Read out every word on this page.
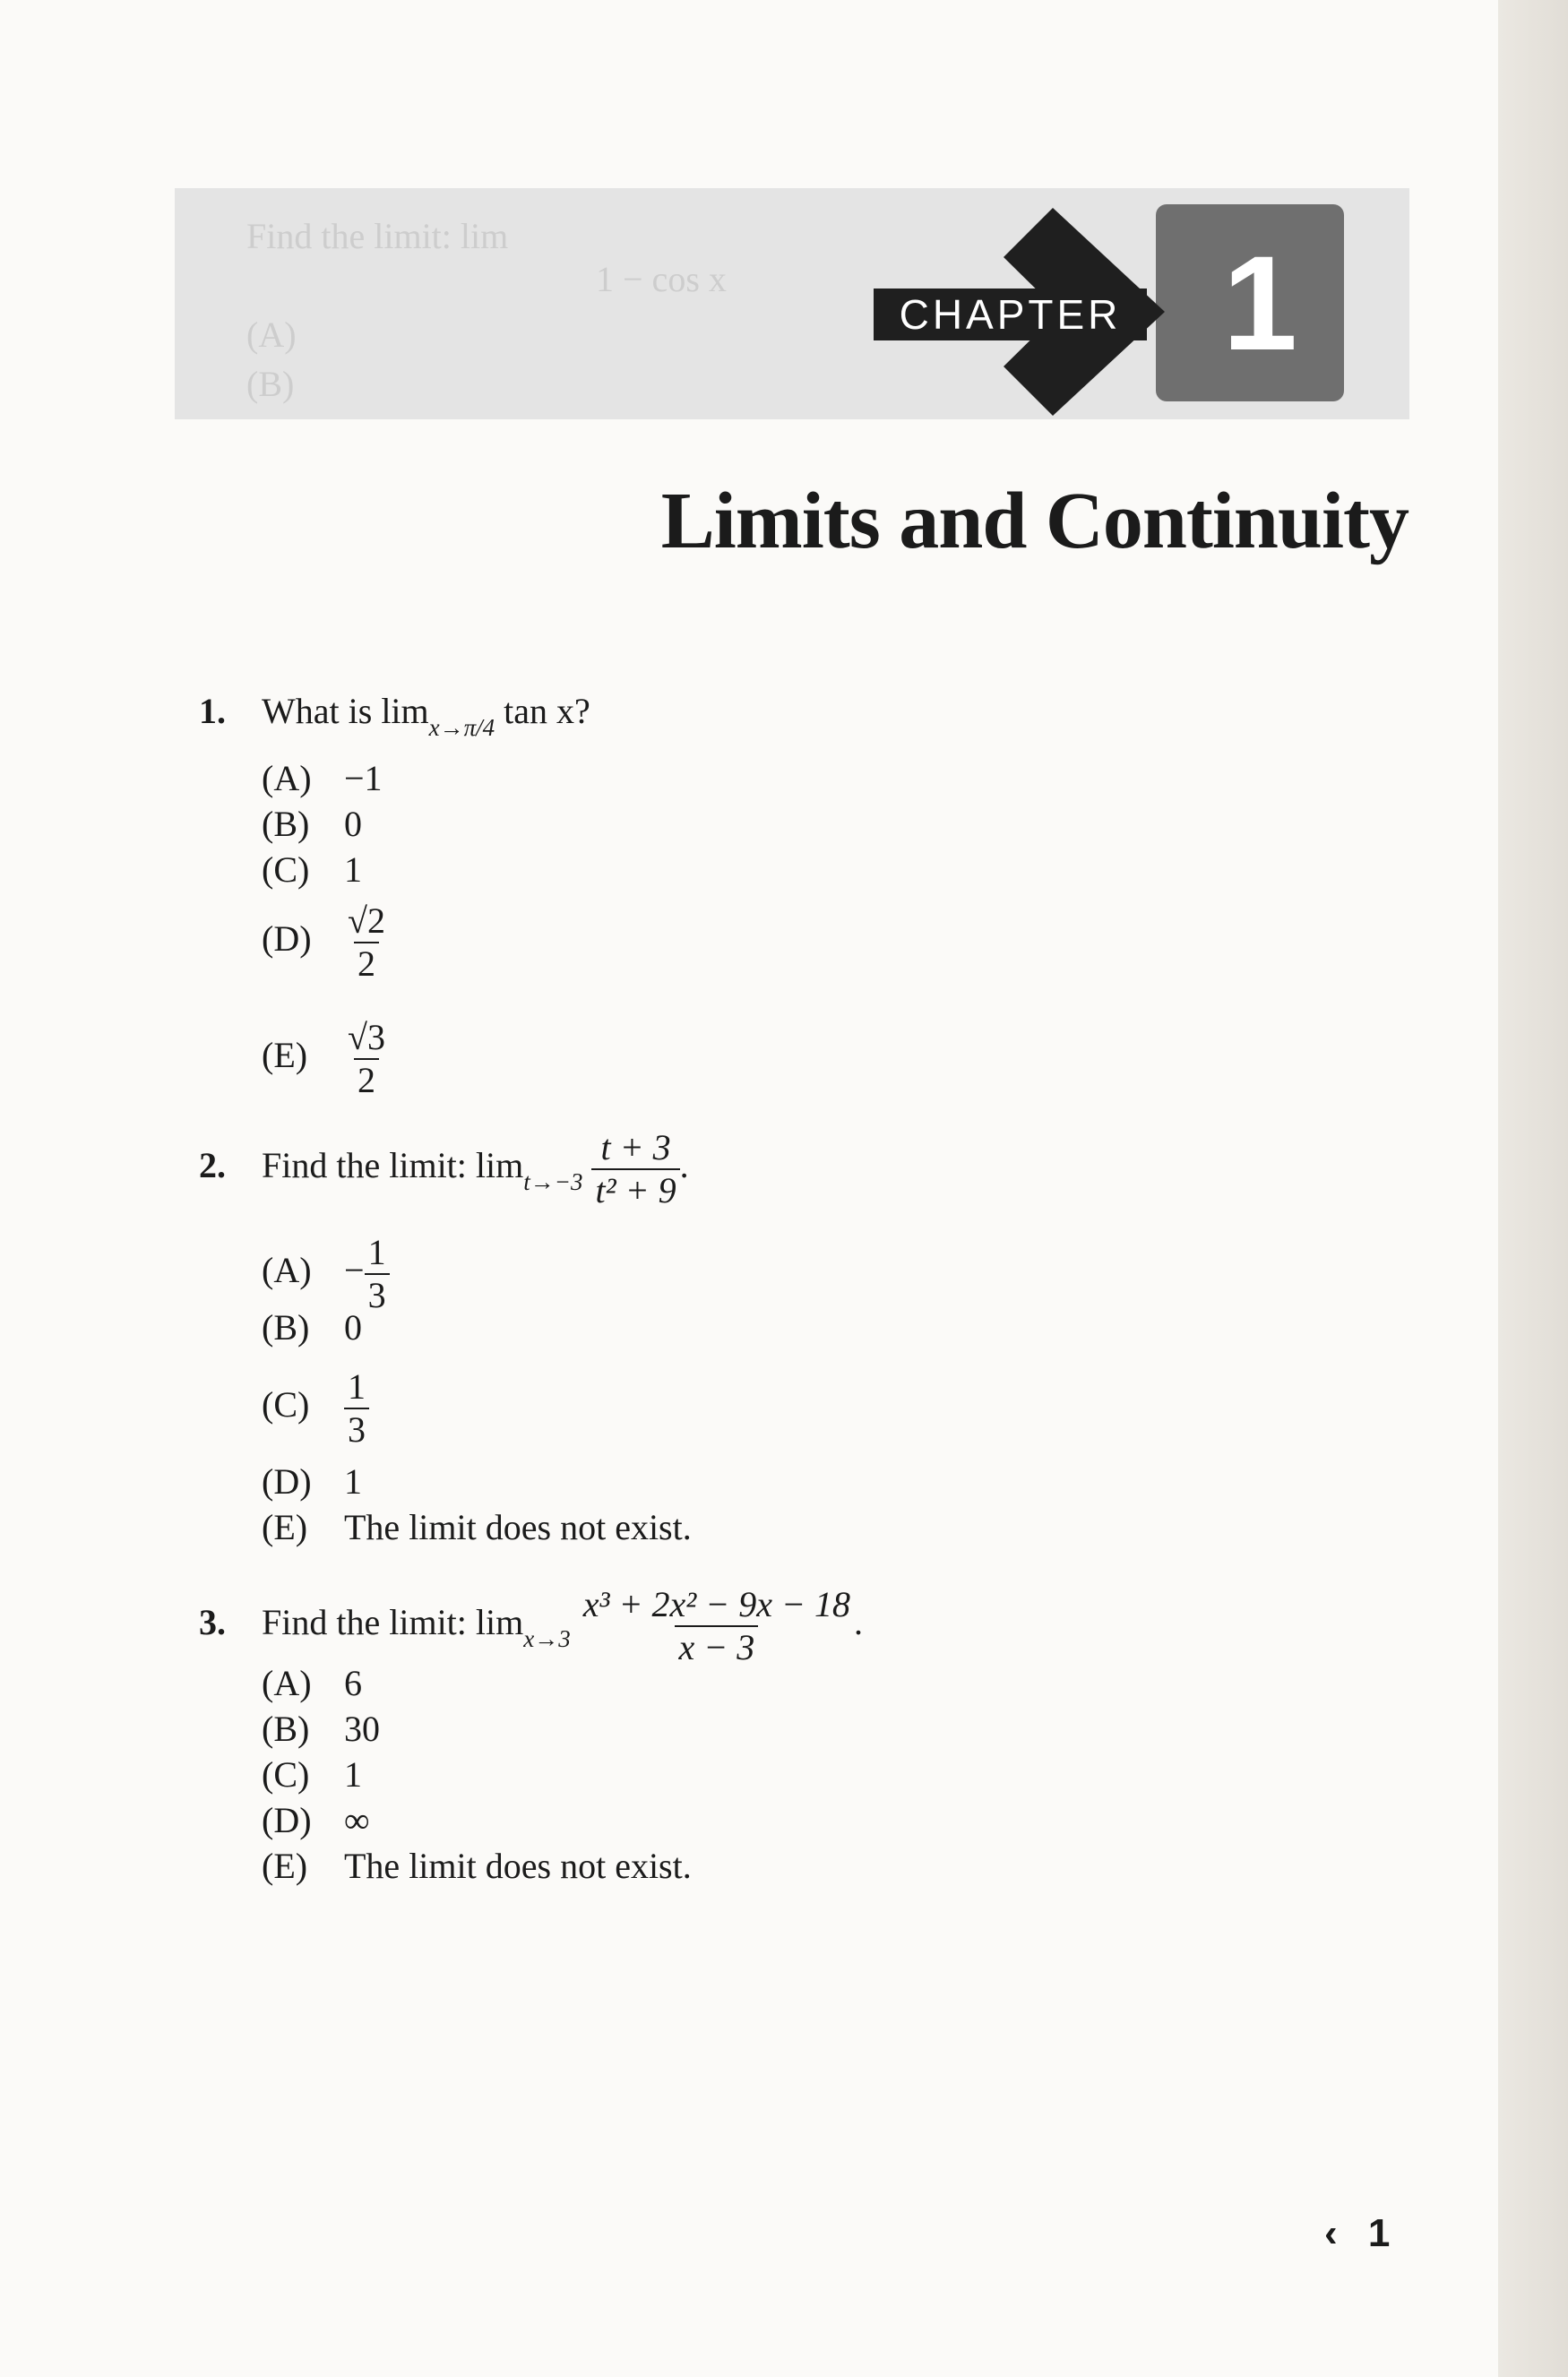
Find the limit: lim
1 − cos x
(A)
(B)
1
CHAPTER
Limits and Continuity
1. What is $\lim_{x\to\pi/4} \tan x$?
(A) −1
(B) 0
(C) 1
$(D) \frac{√2}{2}$
$(E) \frac{√3}{2}$
2. Find the limit: $\lim_{t\to-3} \frac{t + 3}{\text{t² + 9}}$ .
$(A) - \frac{1}{3}$
(B) 0
$(C) \frac{1}{3}$
(D) 1
(E) The limit does not exist.
3. Find the limit: $\lim_{x\to 3} \frac{\text{x³ + 2x² − 9x − 18}}{x - 3}$ .
(A) 6
(B) 30
(C) 1
(D) ∞
(E) The limit does not exist.
‹ 1
